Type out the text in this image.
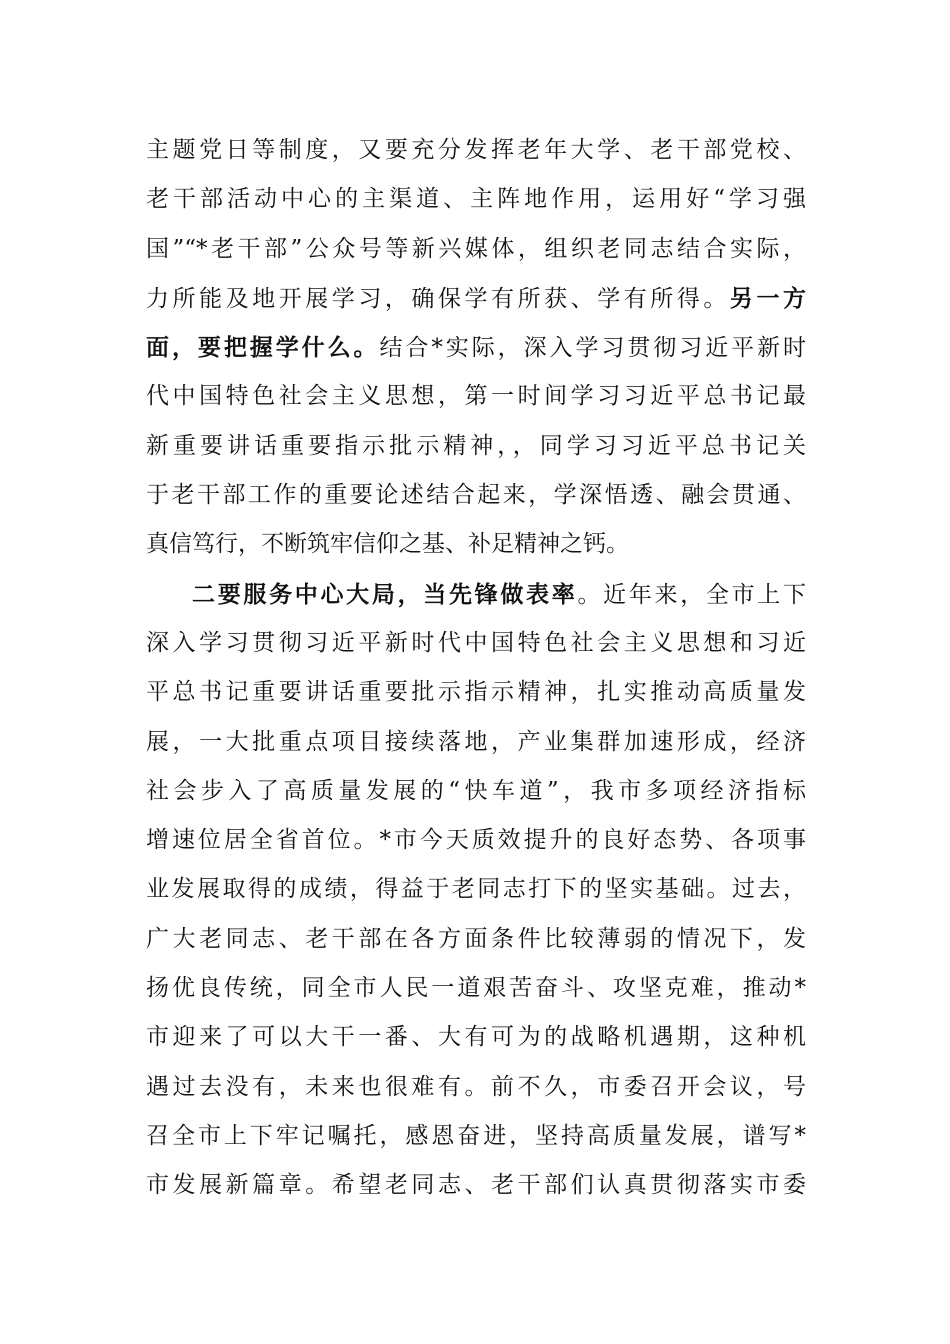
主题党日等制度，又要充分发挥老年大学、老干部党校、
老干部活动中心的主渠道、主阵地作用，运用好“学习强
国”“*老干部”公众号等新兴媒体，组织老同志结合实际，
力所能及地开展学习，确保学有所获、学有所得。另一方
面，要把握学什么。结合*实际，深入学习贯彻习近平新时
代中国特色社会主义思想，第一时间学习习近平总书记最
新重要讲话重要指示批示精神，，同学习习近平总书记关
于老干部工作的重要论述结合起来，学深悟透、融会贯通、
真信笃行，不断筑牢信仰之基、补足精神之钙。
二要服务中心大局，当先锋做表率。近年来，全市上下
深入学习贯彻习近平新时代中国特色社会主义思想和习近
平总书记重要讲话重要批示指示精神，扎实推动高质量发
展，一大批重点项目接续落地，产业集群加速形成，经济
社会步入了高质量发展的“快车道”，我市多项经济指标
增速位居全省首位。*市今天质效提升的良好态势、各项事
业发展取得的成绩，得益于老同志打下的坚实基础。过去，
广大老同志、老干部在各方面条件比较薄弱的情况下，发
扬优良传统，同全市人民一道艰苦奋斗、攻坚克难，推动*
市迎来了可以大干一番、大有可为的战略机遇期，这种机
遇过去没有，未来也很难有。前不久，市委召开会议，号
召全市上下牢记嘱托，感恩奋进，坚持高质量发展，谱写*
市发展新篇章。希望老同志、老干部们认真贯彻落实市委
